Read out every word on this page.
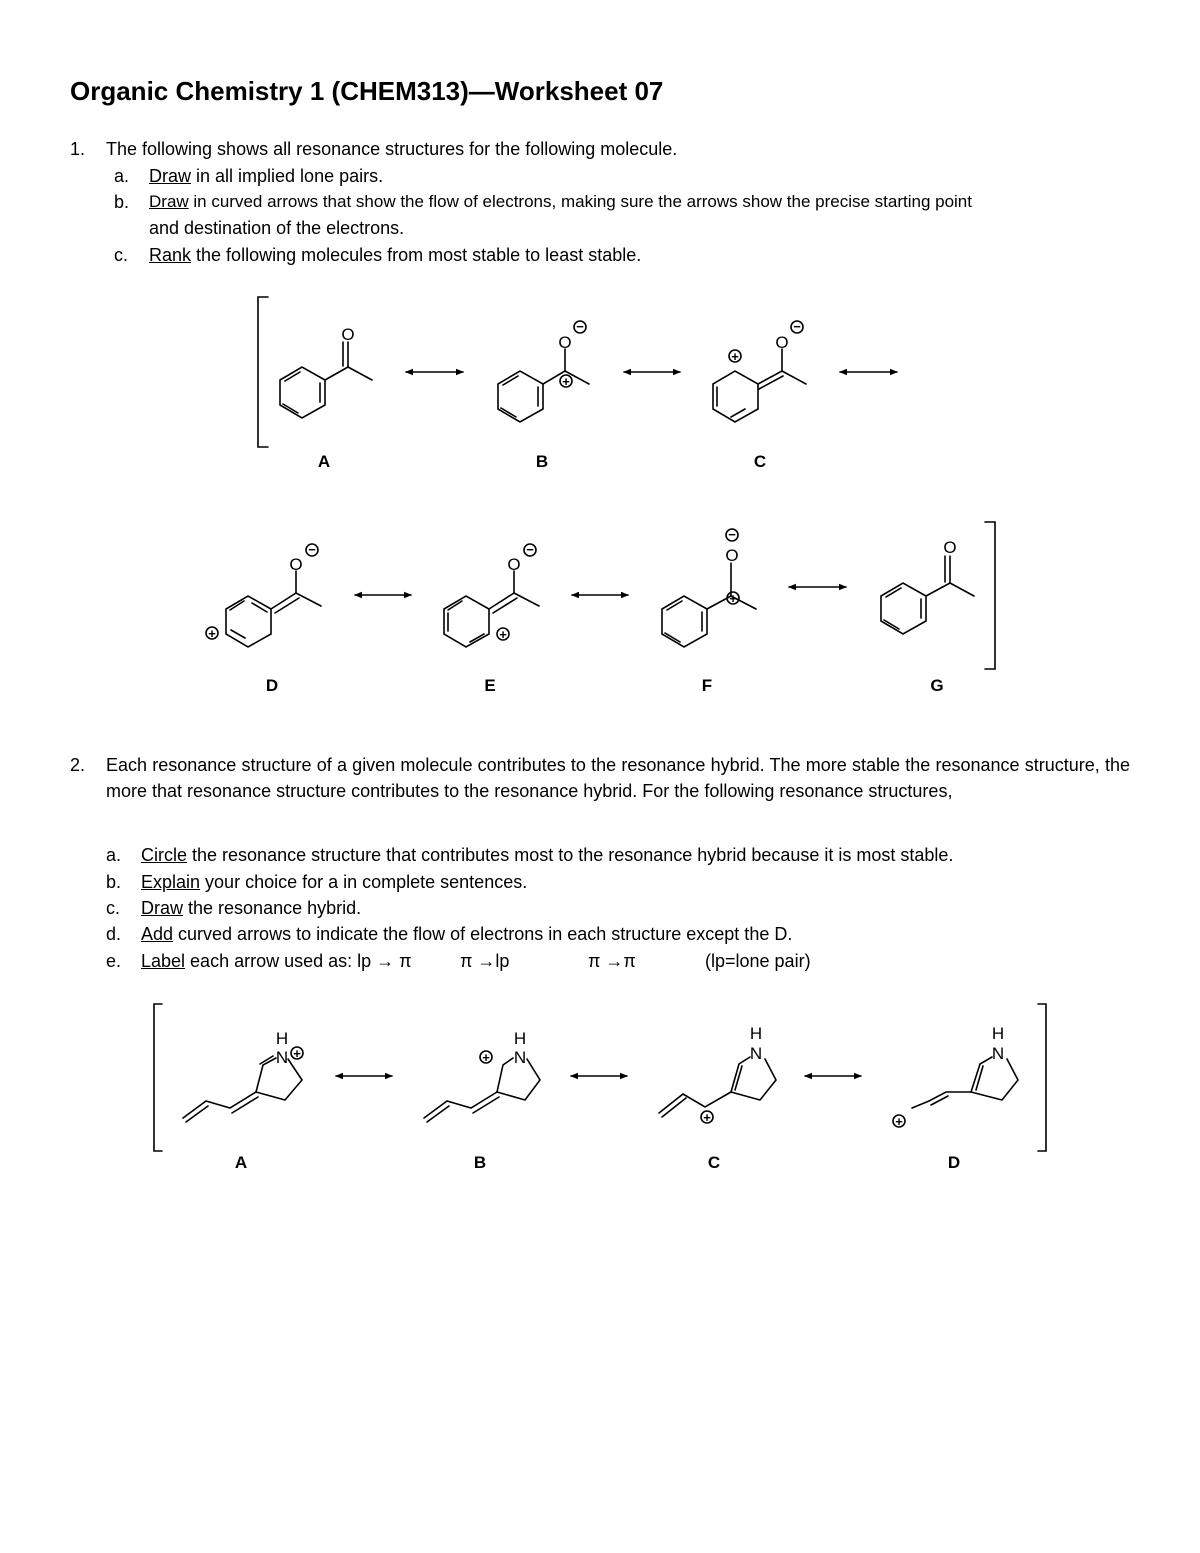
Organic Chemistry 1 (CHEM313)—Worksheet 07
1. The following shows all resonance structures for the following molecule.
a. Draw in all implied lone pairs.
b. Draw in curved arrows that show the flow of electrons, making sure the arrows show the precise starting point
and destination of the electrons.
c. Rank the following molecules from most stable to least stable.
2. Each resonance structure of a given molecule contributes to the resonance hybrid. The more stable the resonance structure, the more that resonance structure contributes to the resonance hybrid. For the following resonance structures,
a. Circle the resonance structure that contributes most to the resonance hybrid because it is most stable.
b. Explain your choice for a in complete sentences.
c. Draw the resonance hybrid.
d. Add curved arrows to indicate the flow of electrons in each structure except the D.
e. Label each arrow used as: lp → π	π →lp	π →π	(lp=lone pair)
O	O	O
O	O	O	O
+
−
+
−
+
−
+
−
−
+
A	B	C
D	E	F	G
H
N +
H
N
+
H
N
+
H
N
+
A	B	C	D
